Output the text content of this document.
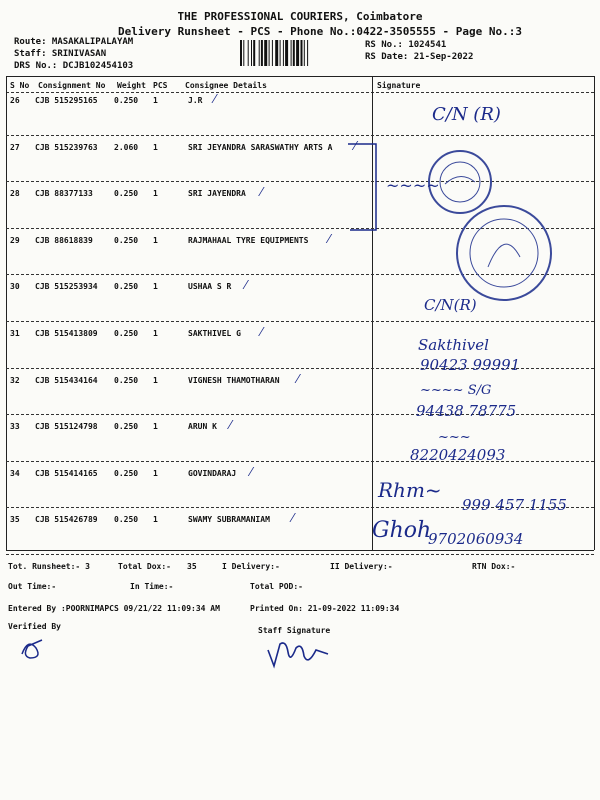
THE PROFESSIONAL COURIERS, Coimbatore
Delivery Runsheet - PCS - Phone No.:0422-3505555 - Page No.:3
Route: MASAKALIPALAYAM
Staff: SRINIVASAN
DRS No.: DCJB102454103
RS No.: 1024541
RS Date: 21-Sep-2022
S No Consignment No Weight PCS Consignee Details	Signature
26 CJB 515295165 0.250 1	J.R ⁄
27 CJB 515239763 2.060 1	SRI JEYANDRA SARASWATHY ARTS A ⁄
28 CJB 88377133	0.250 1	SRI JAYENDRA ⁄
29 CJB 88618839	0.250 1	RAJMAHAAL TYRE EQUIPMENTS ⁄
30 CJB 515253934 0.250 1	USHAA S R ⁄
31 CJB 515413809 0.250 1	SAKTHIVEL G ⁄
32 CJB 515434164 0.250 1	VIGNESH THAMOTHARAN ⁄
33 CJB 515124798 0.250 1	ARUN K ⁄
34 CJB 515414165 0.250 1	GOVINDARAJ ⁄
35 CJB 515426789 0.250 1	SWAMY SUBRAMANIAM ⁄
C/N (R)
~~~~
C/N(R)
Sakthivel
90423 99991
~~~~ S/G
94438 78775
~~~
8220424093
Rhm~
999 457 1155
Ghoh
9702060934
Tot. Runsheet:- 3	Total Dox:- 35	I Delivery:-	II Delivery:-	RTN Dox:-
Out Time:-	In Time:-	Total POD:-
Entered By :POORNIMAPCS 09/21/22 11:09:34 AM	Printed On: 21-09-2022 11:09:34
Verified By	Staff Signature
